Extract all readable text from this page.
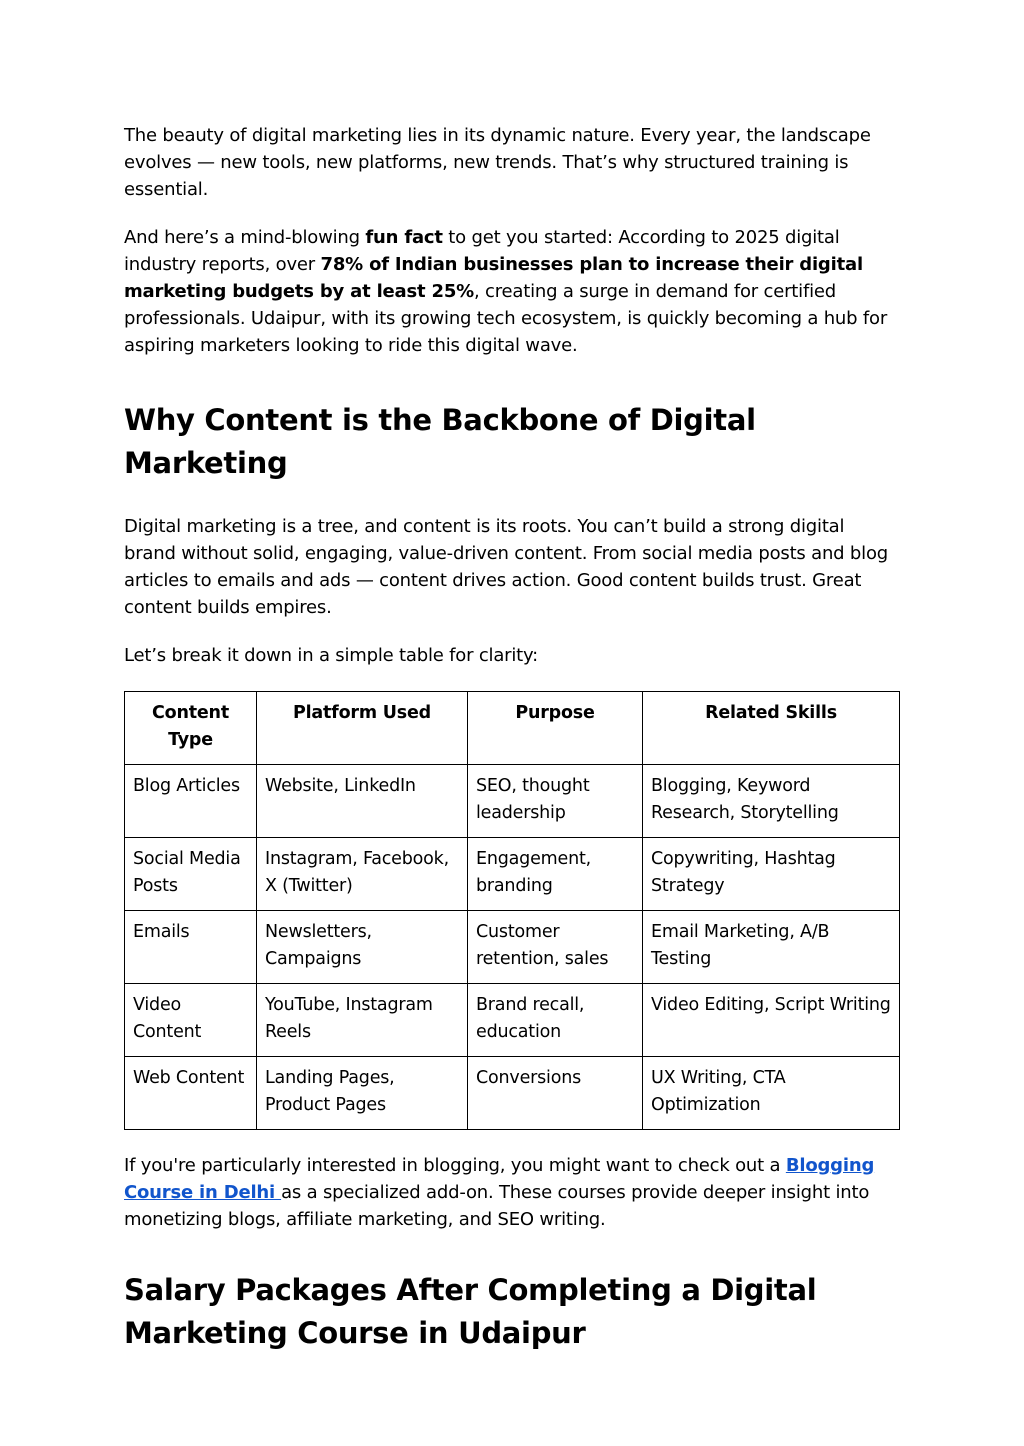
The beauty of digital marketing lies in its dynamic nature. Every year, the landscape evolves — new tools, new platforms, new trends. That’s why structured training is essential.

And here’s a mind-blowing fun fact to get you started: According to 2025 digital industry reports, over 78% of Indian businesses plan to increase their digital marketing budgets by at least 25%, creating a surge in demand for certified professionals. Udaipur, with its growing tech ecosystem, is quickly becoming a hub for aspiring marketers looking to ride this digital wave.

Why Content is the Backbone of Digital Marketing

Digital marketing is a tree, and content is its roots. You can’t build a strong digital brand without solid, engaging, value-driven content. From social media posts and blog articles to emails and ads — content drives action. Good content builds trust. Great content builds empires.

Let’s break it down in a simple table for clarity:

Content Type	Platform Used	Purpose	Related Skills
Blog Articles	Website, LinkedIn	SEO, thought leadership	Blogging, Keyword Research, Storytelling
Social Media Posts	Instagram, Facebook, X (Twitter)	Engagement, branding	Copywriting, Hashtag Strategy
Emails	Newsletters, Campaigns	Customer retention, sales	Email Marketing, A/B Testing
Video Content	YouTube, Instagram Reels	Brand recall, education	Video Editing, Script Writing
Web Content	Landing Pages, Product Pages	Conversions	UX Writing, CTA Optimization

If you're particularly interested in blogging, you might want to check out a Blogging Course in Delhi as a specialized add-on. These courses provide deeper insight into monetizing blogs, affiliate marketing, and SEO writing.

Salary Packages After Completing a Digital Marketing Course in Udaipur
